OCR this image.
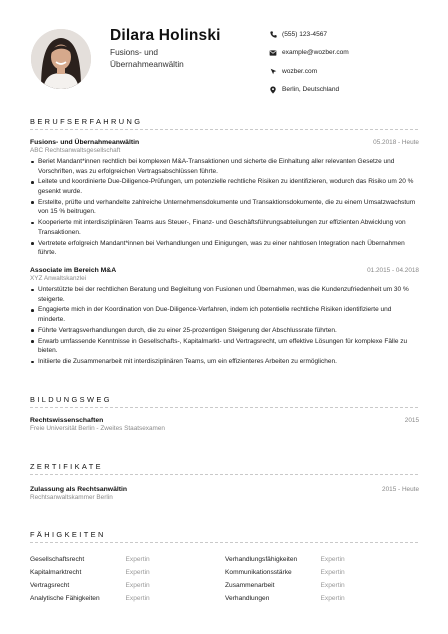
Dilara Holinski
Fusions- und Übernahmeanwältin
(555) 123-4567
example@wozber.com
wozber.com
Berlin, Deutschland
BERUFSERFAHRUNG
Fusions- und Übernahmeanwältin	05.2018 - Heute
ABC Rechtsanwaltsgesellschaft
Beriet Mandant*innen rechtlich bei komplexen M&A-Transaktionen und sicherte die Einhaltung aller relevanten Gesetze und Vorschriften, was zu erfolgreichen Vertragsabschlüssen führte.
Leitete und koordinierte Due-Diligence-Prüfungen, um potenzielle rechtliche Risiken zu identifizieren, wodurch das Risiko um 20 % gesenkt wurde.
Erstellte, prüfte und verhandelte zahlreiche Unternehmensdokumente und Transaktionsdokumente, die zu einem Umsatzwachstum von 15 % beitrugen.
Kooperierte mit interdisziplinären Teams aus Steuer-, Finanz- und Geschäftsführungsabteilungen zur effizienten Abwicklung von Transaktionen.
Vertretete erfolgreich Mandant*innen bei Verhandlungen und Einigungen, was zu einer nahtlosen Integration nach Übernahmen führte.
Associate im Bereich M&A	01.2015 - 04.2018
XYZ Anwaltskanzlei
Unterstützte bei der rechtlichen Beratung und Begleitung von Fusionen und Übernahmen, was die Kundenzufriedenheit um 30 % steigerte.
Engagierte mich in der Koordination von Due-Diligence-Verfahren, indem ich potentielle rechtliche Risiken identifizierte und minderte.
Führte Vertragsverhandlungen durch, die zu einer 25-prozentigen Steigerung der Abschlussrate führten.
Erwarb umfassende Kenntnisse in Gesellschafts-, Kapitalmarkt- und Vertragsrecht, um effektive Lösungen für komplexe Fälle zu bieten.
Initiierte die Zusammenarbeit mit interdisziplinären Teams, um ein effizienteres Arbeiten zu ermöglichen.
BILDUNGSWEG
Rechtswissenschaften	2015
Freie Universität Berlin - Zweites Staatsexamen
ZERTIFIKATE
Zulassung als Rechtsanwältin	2015 - Heute
Rechtsanwaltskammer Berlin
FÄHIGKEITEN
Gesellschaftsrecht	Expertin	Verhandlungsfähigkeiten	Expertin
Kapitalmarktrecht	Expertin	Kommunikationsstärke	Expertin
Vertragsrecht	Expertin	Zusammenarbeit	Expertin
Analytische Fähigkeiten	Expertin	Verhandlungen	Expertin
